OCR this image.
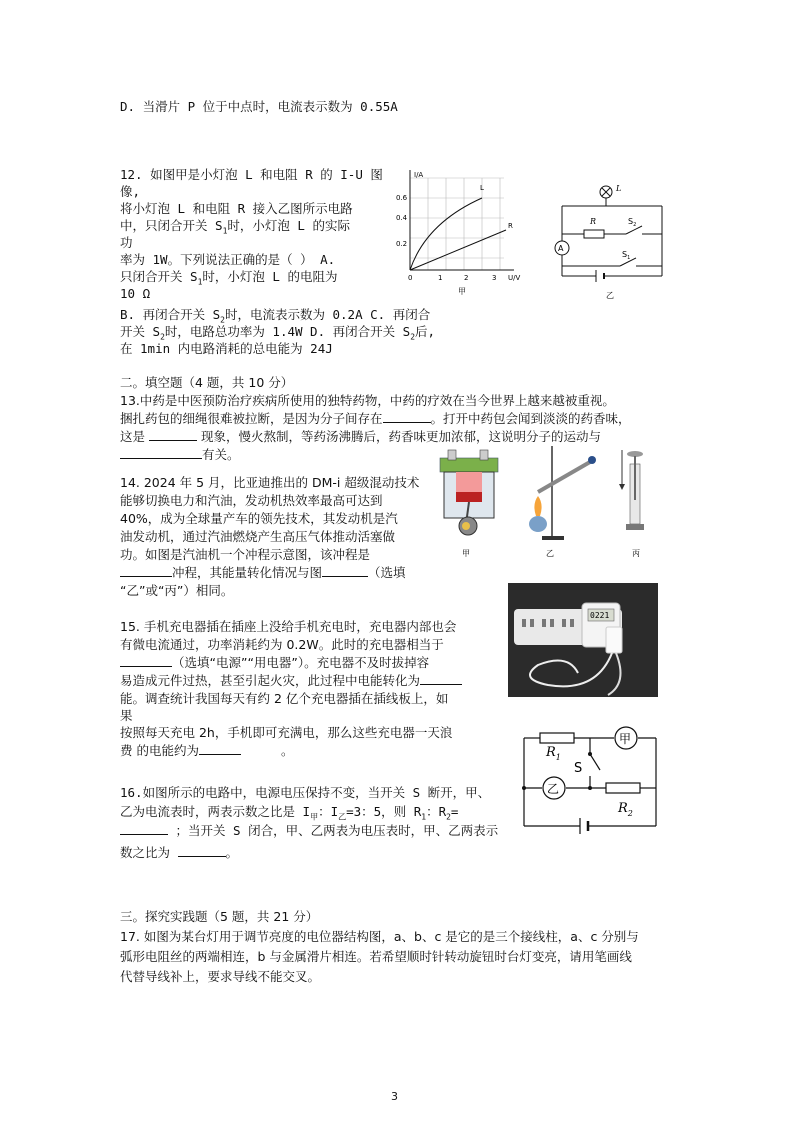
D. 当滑片 P 位于中点时，电流表示数为 0.55A
12. 如图甲是小灯泡 L 和电阻 R 的 I-U 图
像,
将小灯泡 L 和电阻 R 接入乙图所示电路
中，只闭合开关 $S_1$时，小灯泡 L 的实际
功
率为 1W。下列说法正确的是（ ） A.
只闭合开关 $S_1$时，小灯泡 L 的电阻为
10 Ω
B. 再闭合开关 $S_2$时，电流表示数为 0.2A C. 再闭合
开关 $S_2$时，电路总功率为 1.4W D. 再闭合开关 $S_2$后,
在 1min 内电路消耗的总电能为 24J
I/A
0.6
0.4
0.2
0	1	2	3 U/V
L
R
甲
A
L
R	$S_2$
$S_1$
乙
二。填空题（4 题，共 10 分）
13.中药是中医预防治疗疾病所使用的独特药物，中药的疗效在当今世界上越来越被重视。
捆扎药包的细绳很难被拉断，是因为分子间存在	。打开中药包会闻到淡淡的药香味，
这是	现象，慢火熬制，等药汤沸腾后，药香味更加浓郁，这说明分子的运动与
有关。
14. 2024 年 5 月，比亚迪推出的 DM-i 超级混动技术
能够切换电力和汽油，发动机热效率最高可达到
40%，成为全球量产车的领先技术，其发动机是汽
油发动机，通过汽油燃烧产生高压气体推动活塞做
功。如图是汽油机一个冲程示意图，该冲程是
冲程，其能量转化情况与图	（选填
“乙”或“丙”）相同。
甲	乙	丙
15. 手机充电器插在插座上没给手机充电时，充电器内部也会
有微电流通过，功率消耗约为 0.2W。此时的充电器相当于
（选填“电源”“用电器”）。充电器不及时拔掉容
易造成元件过热，甚至引起火灾，此过程中电能转化为
能。调查统计我国每天有约 2 亿个充电器插在插线板上，如
果
按照每天充电 2h，手机即可充满电，那么这些充电器一天浪
费 的电能约为	。
0221
16.如图所示的电路中，电源电压保持不变，当开关 S 断开，甲、
乙为电流表时，两表示数之比是 $I_甲$：$I_乙=3$：5，则 $R_1$：$R_2=$
；当开关 S 闭合，甲、乙两表为电压表时，甲、乙两表示
数之比为	。
甲
乙
$R_1$
$R_2$
S
三。探究实践题（5 题，共 21 分）
17. 如图为某台灯用于调节亮度的电位器结构图，a、b、c 是它的是三个接线柱，a、c 分别与
弧形电阻丝的两端相连，b 与金属滑片相连。若希望顺时针转动旋钮时台灯变亮，请用笔画线
代替导线补上，要求导线不能交叉。
3
